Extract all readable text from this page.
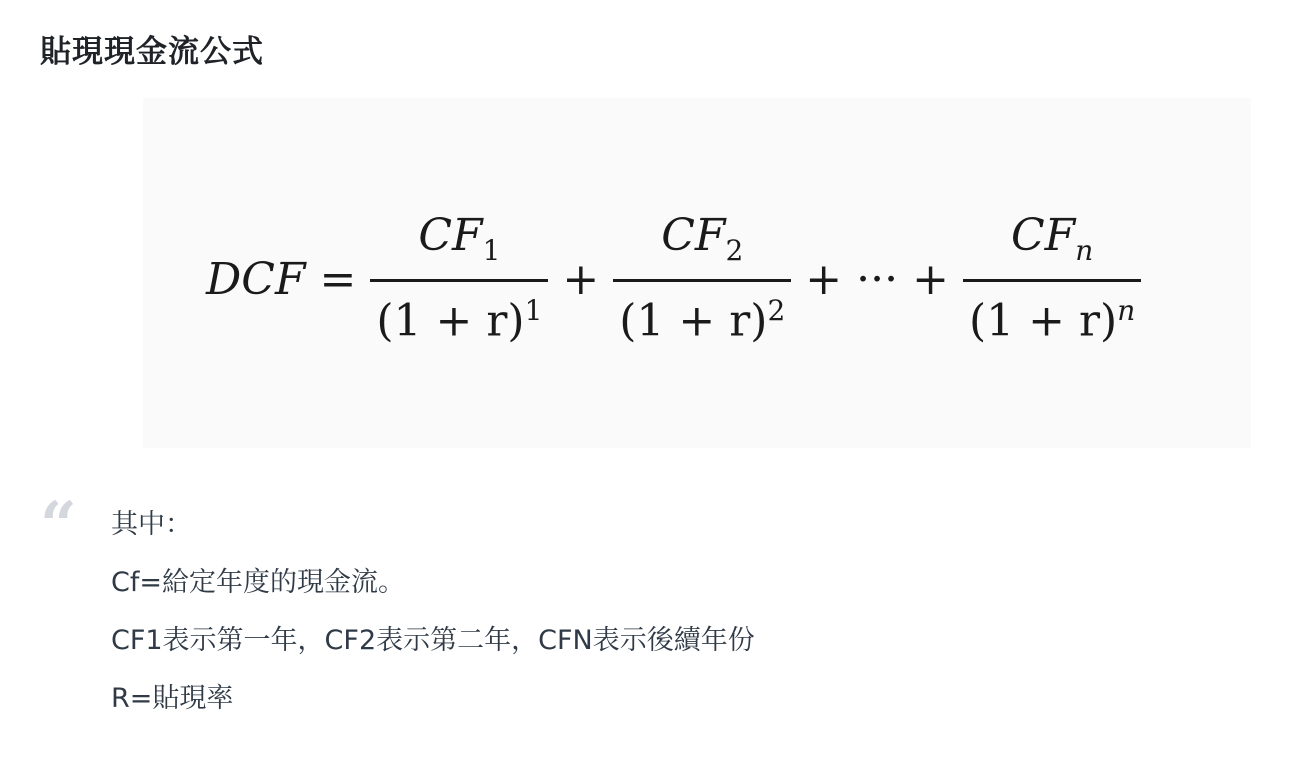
貼現現金流公式
DCF = $\frac{CF_1}{(1 + r)^1} + \frac{CF_2}{(1 + r)^2}$ + ··· + $\frac{CF_n}{(1 + r)^n}$
“ 其中：
Cf=給定年度的現金流。
CF1表示第一年，CF2表示第二年，CFN表示後續年份
R=貼現率
